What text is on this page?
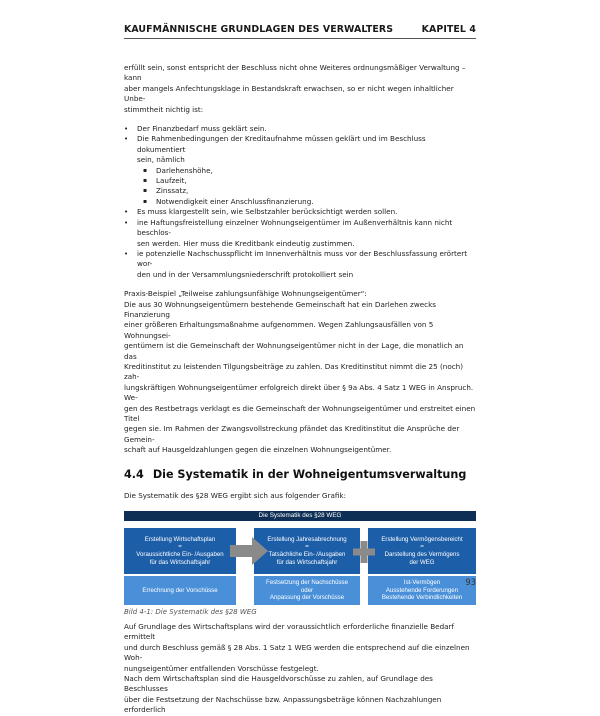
KAUFMÄNNISCHE GRUNDLAGEN DES VERWALTERS	KAPITEL 4

erfüllt sein, sonst entspricht der Beschluss nicht ohne Weiteres ordnungsmäßiger Verwaltung – kann
aber mangels Anfechtungsklage in Bestandskraft erwachsen, so er nicht wegen inhaltlicher Unbe-
stimmtheit nichtig ist:

• Der Finanzbedarf muss geklärt sein.
• Die Rahmenbedingungen der Kreditaufnahme müssen geklärt und im Beschluss dokumentiert
sein, nämlich
▪ Darlehenshöhe,
▪ Laufzeit,
▪ Zinssatz,
▪ Notwendigkeit einer Anschlussfinanzierung.
• Es muss klargestellt sein, wie Selbstzahler berücksichtigt werden sollen.
• ine Haftungsfreistellung einzelner Wohnungseigentümer im Außenverhältnis kann nicht beschlos-
sen werden. Hier muss die Kreditbank eindeutig zustimmen.
• ie potenzielle Nachschusspflicht im Innenverhältnis muss vor der Beschlussfassung erörtert wor-
den und in der Versammlungsniederschrift protokolliert sein

Praxis-Beispiel „Teilweise zahlungsunfähige Wohnungseigentümer“:
Die aus 30 Wohnungseigentümern bestehende Gemeinschaft hat ein Darlehen zwecks Finanzierung
einer größeren Erhaltungsmaßnahme aufgenommen. Wegen Zahlungsausfällen von 5 Wohnungsei-
gentümern ist die Gemeinschaft der Wohnungseigentümer nicht in der Lage, die monatlich an das
Kreditinstitut zu leistenden Tilgungsbeiträge zu zahlen. Das Kreditinstitut nimmt die 25 (noch) zah-
lungskräftigen Wohnungseigentümer erfolgreich direkt über § 9a Abs. 4 Satz 1 WEG in Anspruch. We-
gen des Restbetrags verklagt es die Gemeinschaft der Wohnungseigentümer und erstreitet einen Titel
gegen sie. Im Rahmen der Zwangsvollstreckung pfändet das Kreditinstitut die Ansprüche der Gemein-
schaft auf Hausgeldzahlungen gegen die einzelnen Wohnungseigentümer.

4.4 Die Systematik in der Wohneigentumsverwaltung

Die Systematik des §28 WEG ergibt sich aus folgender Grafik:

Die Systematik des §28 WEG
Erstellung Wirtschaftsplan
=
Voraussichtliche Ein- /Ausgaben
für das Wirtschaftsjahr
Errechnung der Vorschüsse
Erstellung Jahresabrechnung
=
Tatsächliche Ein- /Ausgaben
für das Wirtschaftsjahr
Festsetzung der Nachschüsse
oder
Anpassung der Vorschüsse
Erstellung Vermögensbereicht
=
Darstellung des Vermögens
der WEG
Ist-Vermögen
Ausstehende Forderungen
Bestehende Verbindlichkeiten

Bild 4-1: Die Systematik des §28 WEG

Auf Grundlage des Wirtschaftsplans wird der voraussichtlich erforderliche finanzielle Bedarf ermittelt
und durch Beschluss gemäß § 28 Abs. 1 Satz 1 WEG werden die entsprechend auf die einzelnen Woh-
nungseigentümer entfallenden Vorschüsse festgelegt.
Nach dem Wirtschaftsplan sind die Hausgeldvorschüsse zu zahlen, auf Grundlage des Beschlusses
über die Festsetzung der Nachschüsse bzw. Anpassungsbeträge können Nachzahlungen erforderlich

93
